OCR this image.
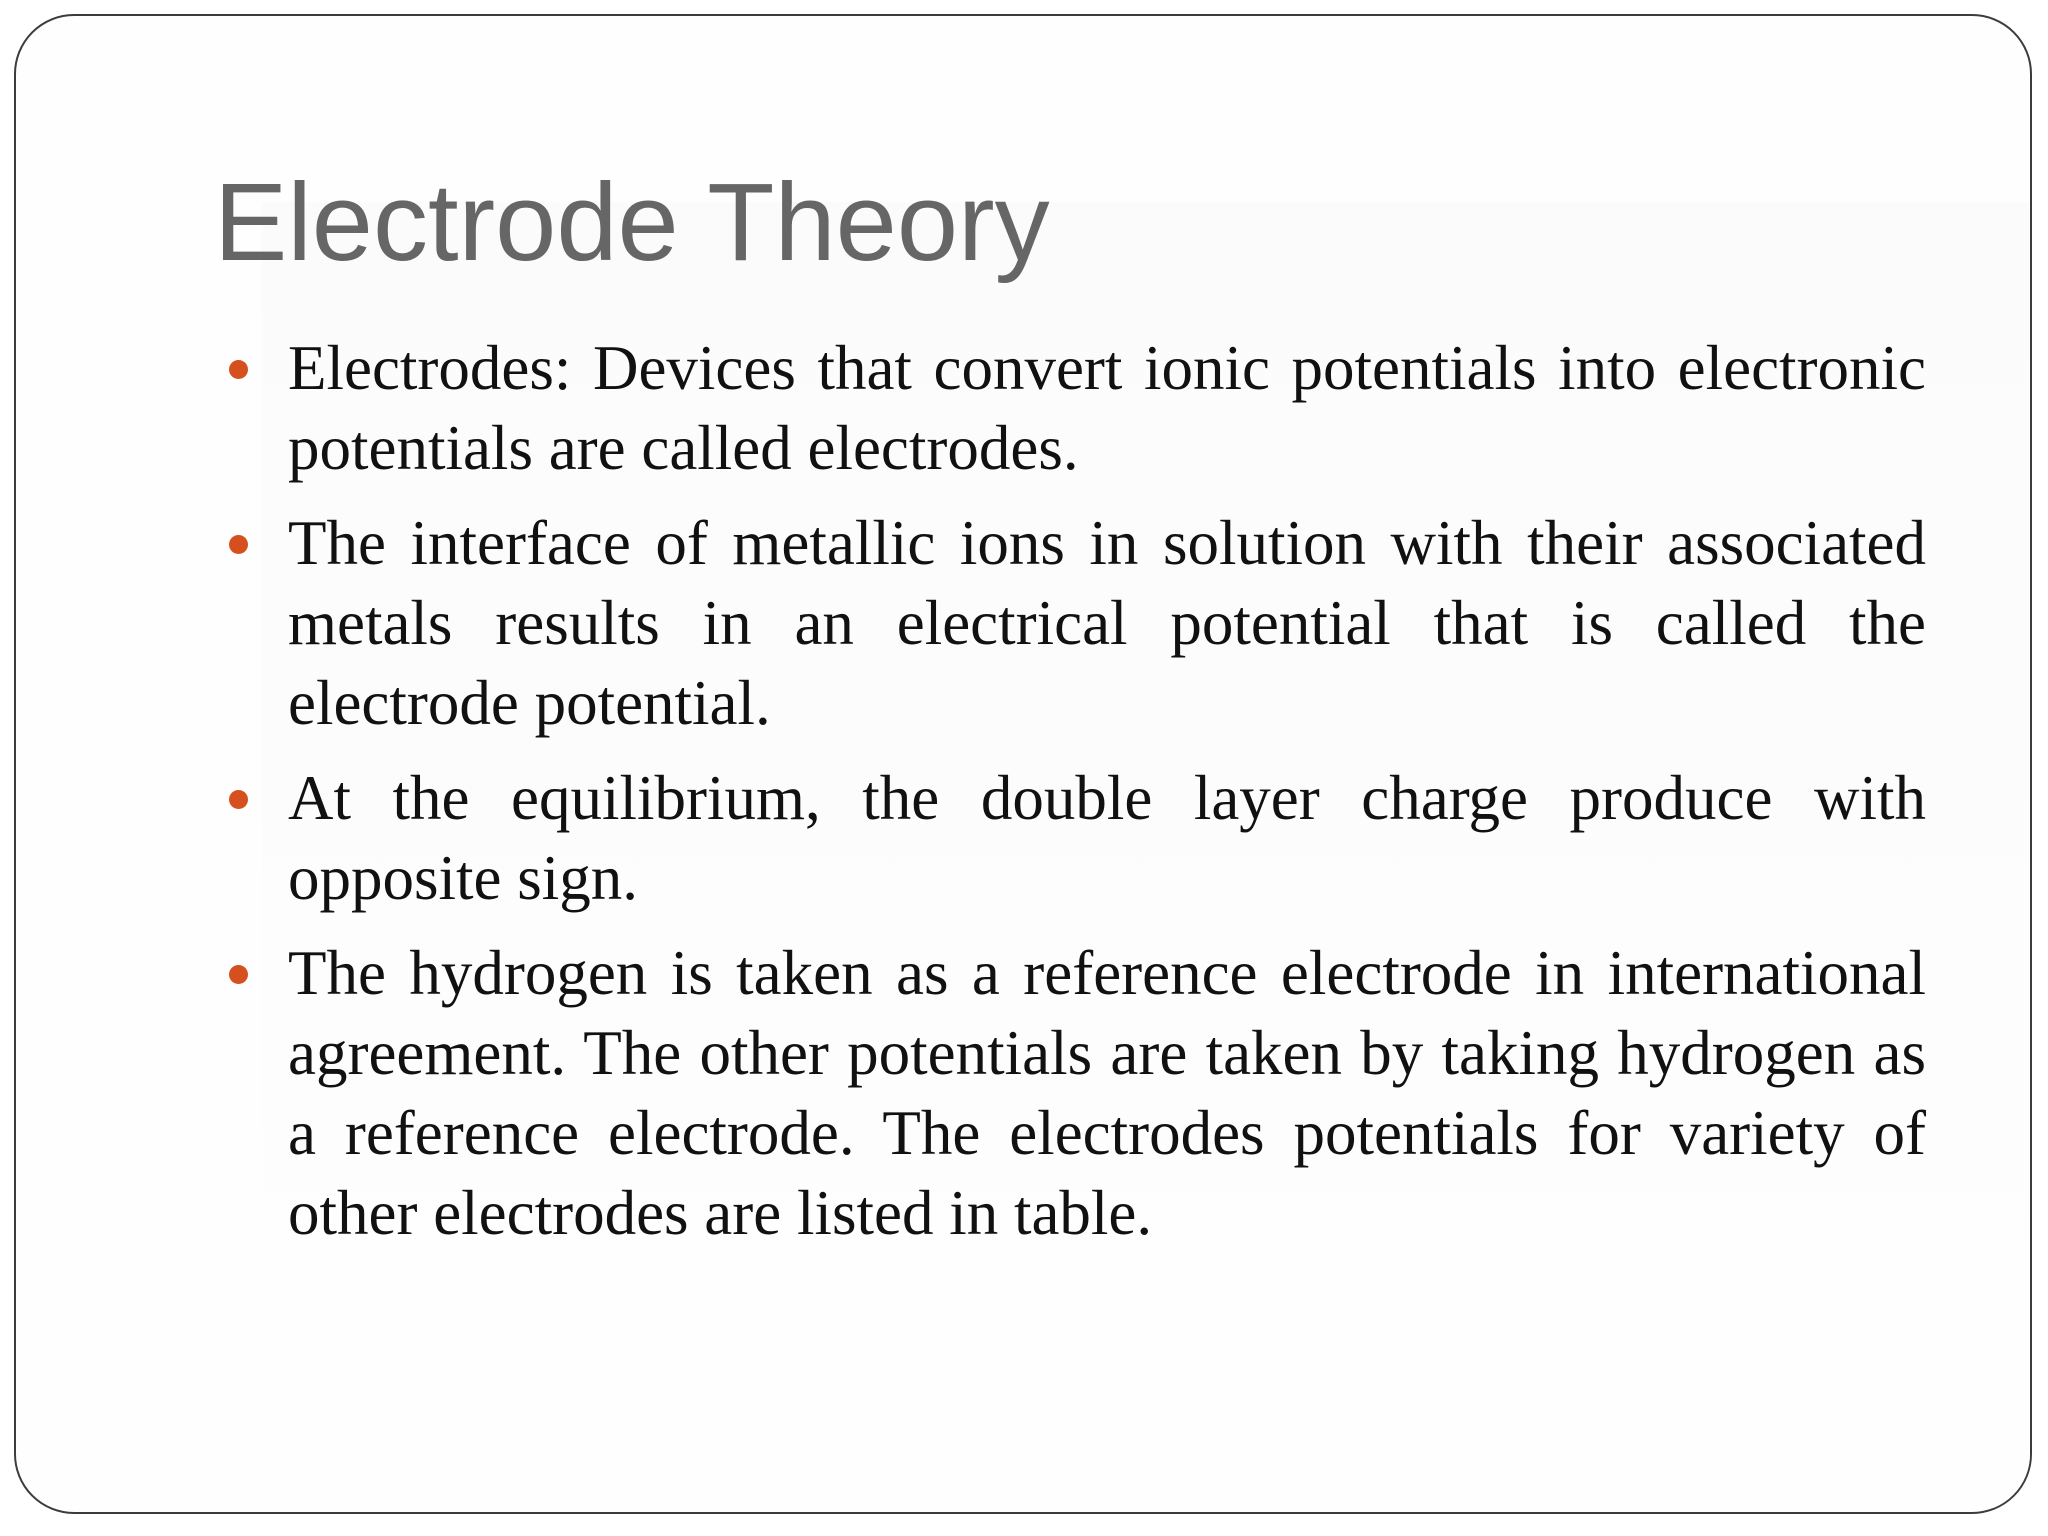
Electrode Theory
Electrodes: Devices that convert ionic potentials into electronic potentials are called electrodes.
The interface of metallic ions in solution with their associated metals results in an electrical potential that is called the electrode potential.
At the equilibrium, the double layer charge produce with opposite sign.
The hydrogen is taken as a reference electrode in international agreement. The other potentials are taken by taking hydrogen as a reference electrode. The electrodes potentials for variety of other electrodes are listed in table.
